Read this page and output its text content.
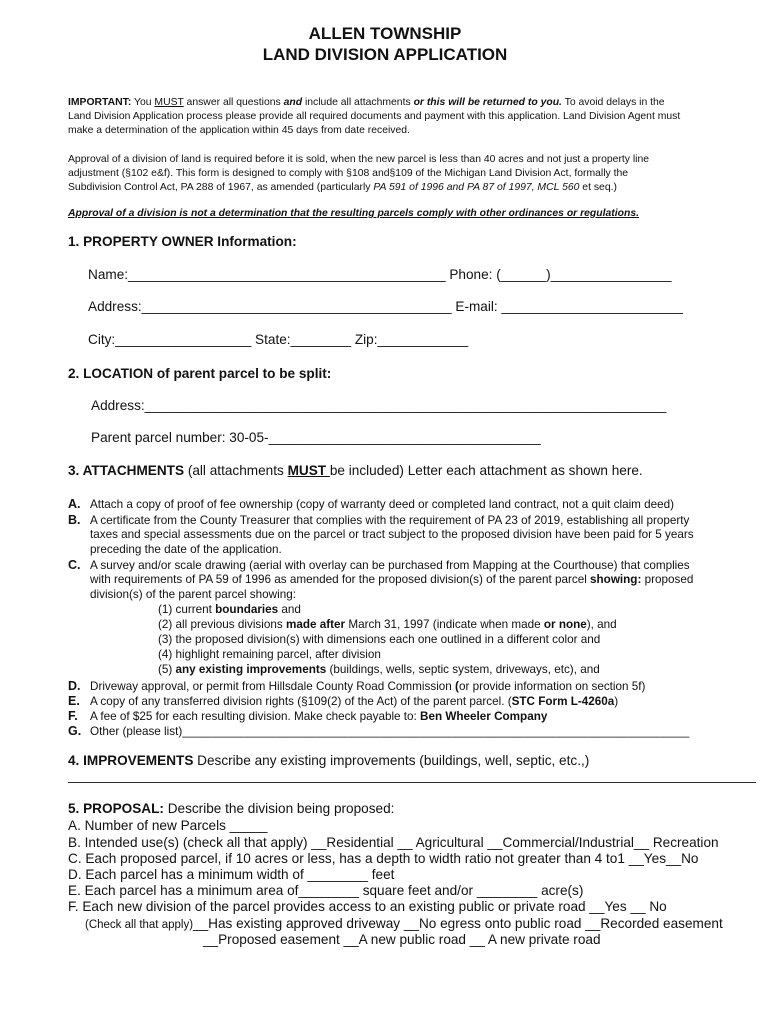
ALLEN TOWNSHIP
LAND DIVISION APPLICATION
IMPORTANT: You MUST answer all questions and include all attachments or this will be returned to you. To avoid delays in the
Land Division Application process please provide all required documents and payment with this application. Land Division Agent must
make a determination of the application within 45 days from date received.
Approval of a division of land is required before it is sold, when the new parcel is less than 40 acres and not just a property line
adjustment (§102 e&f). This form is designed to comply with §108 and§109 of the Michigan Land Division Act, formally the
Subdivision Control Act, PA 288 of 1967, as amended (particularly PA 591 of 1996 and PA 87 of 1997, MCL 560 et seq.)
Approval of a division is not a determination that the resulting parcels comply with other ordinances or regulations.
1. PROPERTY OWNER Information:
Name:__________________________________________ Phone: (______)________________
Address:_________________________________________ E-mail: ________________________
City:__________________ State:________ Zip:____________
2. LOCATION of parent parcel to be split:
Address:_____________________________________________________________________
Parent parcel number: 30-05-____________________________________
3. ATTACHMENTS (all attachments MUST be included) Letter each attachment as shown here.
A. Attach a copy of proof of fee ownership (copy of warranty deed or completed land contract, not a quit claim deed)
B. A certificate from the County Treasurer that complies with the requirement of PA 23 of 2019, establishing all property
taxes and special assessments due on the parcel or tract subject to the proposed division have been paid for 5 years
preceding the date of the application.
C. A survey and/or scale drawing (aerial with overlay can be purchased from Mapping at the Courthouse) that complies
with requirements of PA 59 of 1996 as amended for the proposed division(s) of the parent parcel showing: proposed
division(s) of the parent parcel showing:
(1) current boundaries and
(2) all previous divisions made after March 31, 1997 (indicate when made or none), and
(3) the proposed division(s) with dimensions each one outlined in a different color and
(4) highlight remaining parcel, after division
(5) any existing improvements (buildings, wells, septic system, driveways, etc), and
D. Driveway approval, or permit from Hillsdale County Road Commission (or provide information on section 5f)
E. A copy of any transferred division rights (§109(2) of the Act) of the parent parcel. (STC Form L-4260a)
F. A fee of $25 for each resulting division. Make check payable to: Ben Wheeler Company
G. Other (please list)______________________________________________________________________________
4. IMPROVEMENTS Describe any existing improvements (buildings, well, septic, etc.,)
___________________________________________________________________________________________
5. PROPOSAL: Describe the division being proposed:
A. Number of new Parcels _____
B. Intended use(s) (check all that apply) __Residential __ Agricultural __Commercial/Industrial__ Recreation
C. Each proposed parcel, if 10 acres or less, has a depth to width ratio not greater than 4 to1 __Yes__No
D. Each parcel has a minimum width of ________ feet
E. Each parcel has a minimum area of________ square feet and/or ________ acre(s)
F. Each new division of the parcel provides access to an existing public or private road __Yes __ No
(Check all that apply)__Has existing approved driveway __No egress onto public road __Recorded easement
__Proposed easement __A new public road __ A new private road
